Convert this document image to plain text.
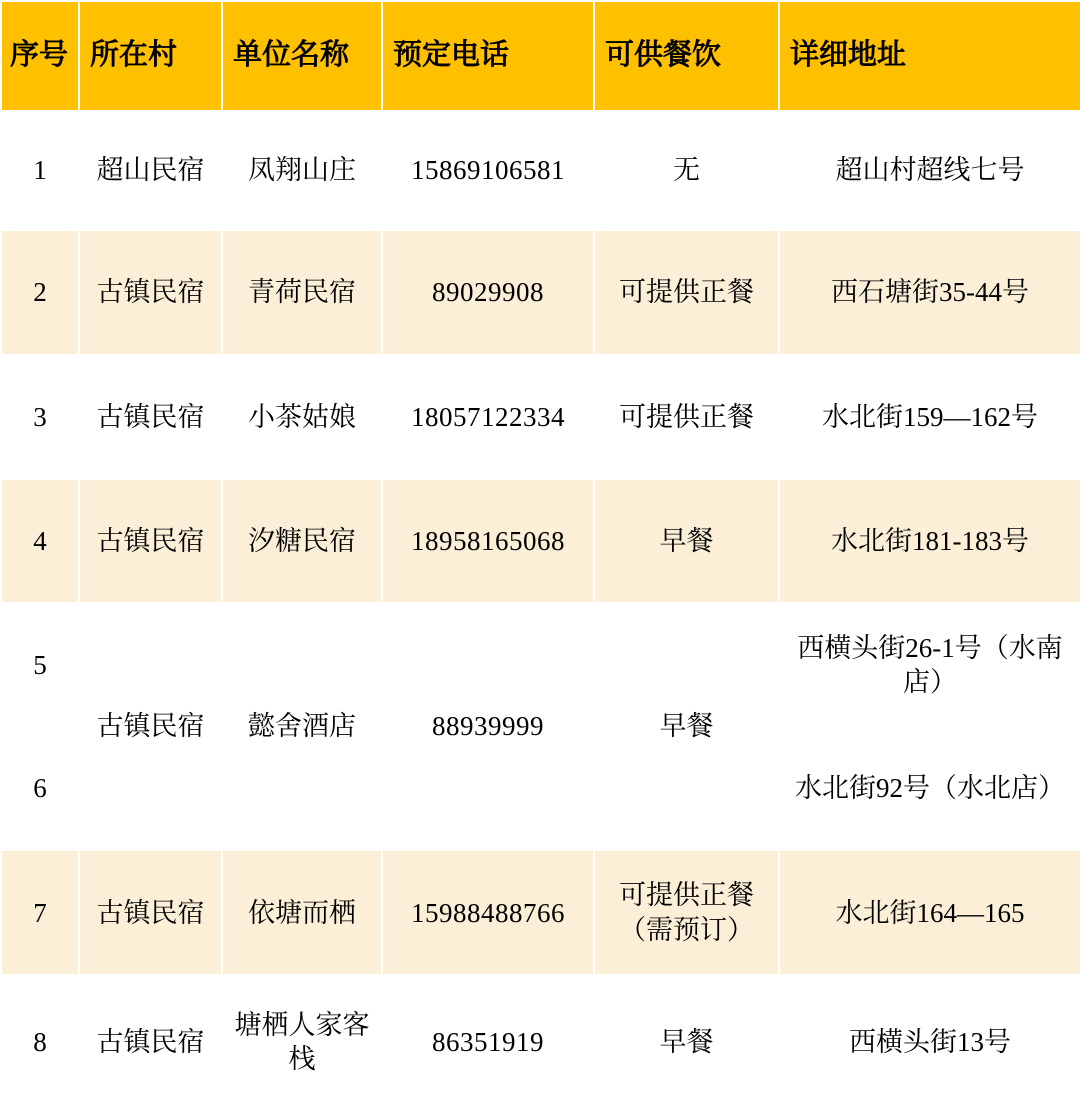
序号	所在村	单位名称	预定电话	可供餐饮	详细地址
1	超山民宿	凤翔山庄	15869106581	无	超山村超线七号
2	古镇民宿	青荷民宿	89029908	可提供正餐	西石塘街35-44号
3	古镇民宿	小茶姑娘	18057122334	可提供正餐	水北街159—162号
4	古镇民宿	汐糖民宿	18958165068	早餐	水北街181-183号
5	古镇民宿	懿舍酒店	88939999	早餐	西横头街26-1号（水南店）
6					水北街92号（水北店）
7	古镇民宿	依塘而栖	15988488766	可提供正餐（需预订）	水北街164—165
8	古镇民宿	塘栖人家客栈	86351919	早餐	西横头街13号
